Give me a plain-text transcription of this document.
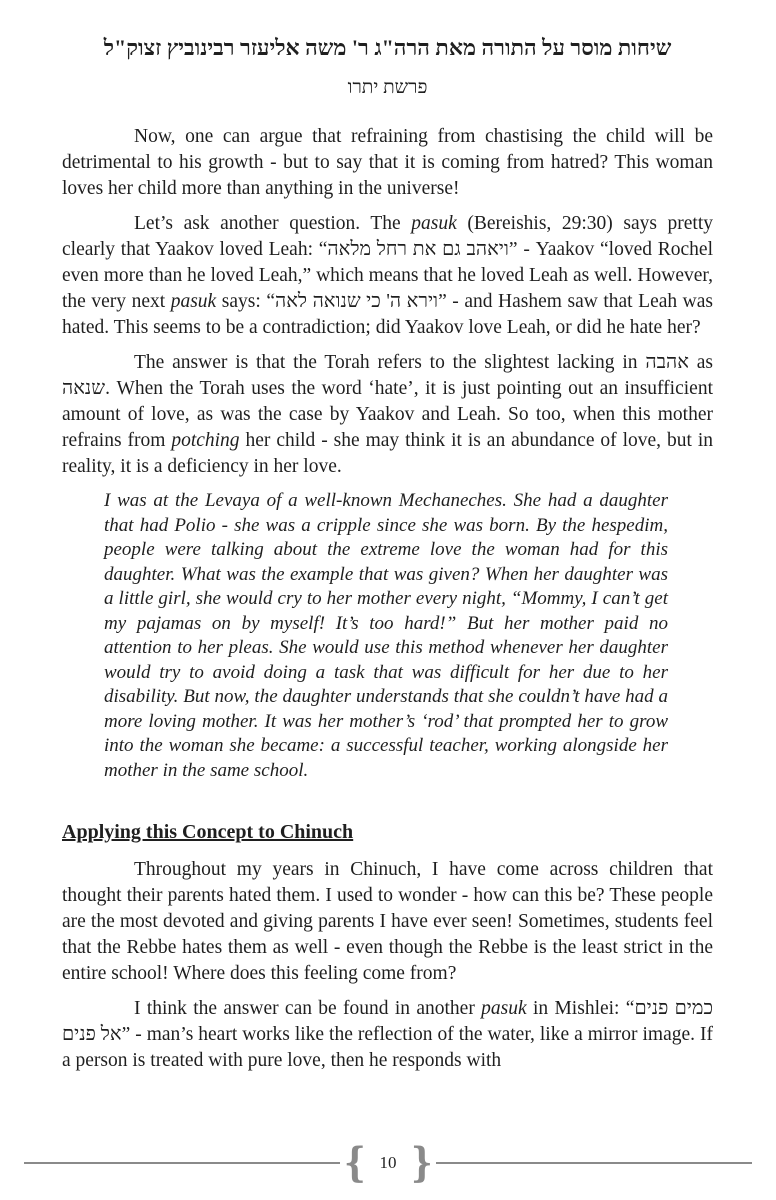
שיחות מוסר על התורה מאת הרה"ג ר' משה אליעזר רבינוביץ זצוק"ל
פרשת יתרו

Now, one can argue that refraining from chastising the child will be detrimental to his growth - but to say that it is coming from hatred? This woman loves her child more than anything in the universe!

Let’s ask another question. The pasuk (Bereishis, 29:30) says pretty clearly that Yaakov loved Leah: “ויאהב גם את רחל מלאה” - Yaakov “loved Rochel even more than he loved Leah,” which means that he loved Leah as well. However, the very next pasuk says: “וירא ה' כי שנואה לאה” - and Hashem saw that Leah was hated. This seems to be a contradiction; did Yaakov love Leah, or did he hate her?

The answer is that the Torah refers to the slightest lacking in אהבה as שנאה. When the Torah uses the word ‘hate’, it is just pointing out an insufficient amount of love, as was the case by Yaakov and Leah. So too, when this mother refrains from potching her child - she may think it is an abundance of love, but in reality, it is a deficiency in her love.

I was at the Levaya of a well-known Mechaneches. She had a daughter that had Polio - she was a cripple since she was born. By the hespedim, people were talking about the extreme love the woman had for this daughter. What was the example that was given? When her daughter was a little girl, she would cry to her mother every night, “Mommy, I can’t get my pajamas on by myself! It’s too hard!” But her mother paid no attention to her pleas. She would use this method whenever her daughter would try to avoid doing a task that was difficult for her due to her disability. But now, the daughter understands that she couldn’t have had a more loving mother. It was her mother’s ‘rod’ that prompted her to grow into the woman she became: a successful teacher, working alongside her mother in the same school.
Applying this Concept to Chinuch

Throughout my years in Chinuch, I have come across children that thought their parents hated them. I used to wonder - how can this be? These people are the most devoted and giving parents I have ever seen! Sometimes, students feel that the Rebbe hates them as well - even though the Rebbe is the least strict in the entire school! Where does this feeling come from?

I think the answer can be found in another pasuk in Mishlei: “כמים פנים אל פנים” - man’s heart works like the reflection of the water, like a mirror image. If a person is treated with pure love, then he responds with

{ 10 }
